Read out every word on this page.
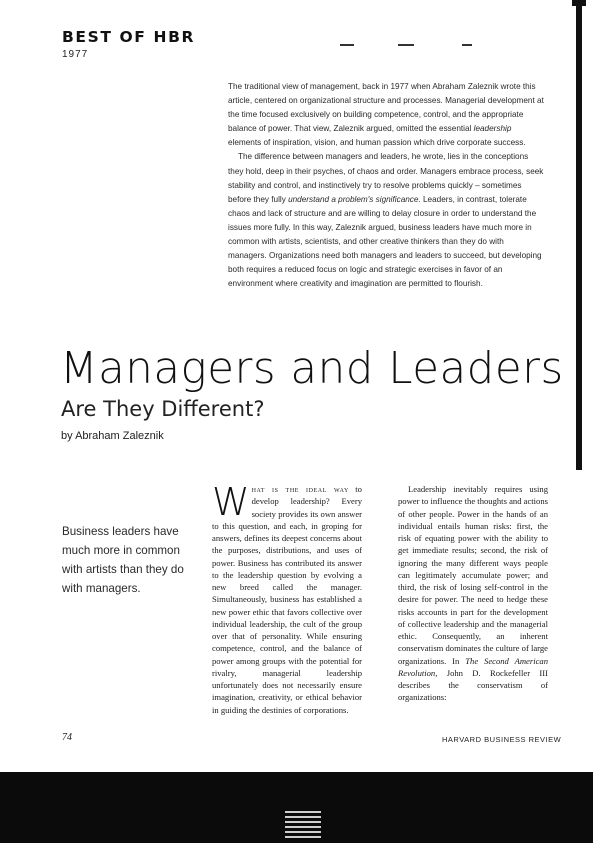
BEST OF HBR
1977

The traditional view of management, back in 1977 when Abraham Zaleznik wrote this article, centered on organizational structure and processes. Managerial development at the time focused exclusively on building competence, control, and the appropriate balance of power. That view, Zaleznik argued, omitted the essential leadership elements of inspiration, vision, and human passion which drive corporate success.

The difference between managers and leaders, he wrote, lies in the conceptions they hold, deep in their psyches, of chaos and order. Managers embrace process, seek stability and control, and instinctively try to resolve problems quickly – sometimes before they fully understand a problem's significance. Leaders, in contrast, tolerate chaos and lack of structure and are willing to delay closure in order to understand the issues more fully. In this way, Zaleznik argued, business leaders have much more in common with artists, scientists, and other creative thinkers than they do with managers. Organizations need both managers and leaders to succeed, but developing both requires a reduced focus on logic and strategic exercises in favor of an environment where creativity and imagination are permitted to flourish.

Managers and Leaders
Are They Different?
by Abraham Zaleznik
Business leaders have much more in common with artists than they do with managers.

What is the ideal way to develop leadership? Every society provides its own answer to this question, and each, in groping for answers, defines its deepest concerns about the purposes, distributions, and uses of power. Business has contributed its answer to the leadership question by evolving a new breed called the manager. Simultaneously, business has established a new power ethic that favors collective over individual leadership, the cult of the group over that of personality. While ensuring competence, control, and the balance of power among groups with the potential for rivalry, managerial leadership unfortunately does not necessarily ensure imagination, creativity, or ethical behavior in guiding the destinies of corporations.

Leadership inevitably requires using power to influence the thoughts and actions of other people. Power in the hands of an individual entails human risks: first, the risk of equating power with the ability to get immediate results; second, the risk of ignoring the many different ways people can legitimately accumulate power; and third, the risk of losing self-control in the desire for power. The need to hedge these risks accounts in part for the development of collective leadership and the managerial ethic. Consequently, an inherent conservatism dominates the culture of large organizations. In The Second American Revolution, John D. Rockefeller III describes the conservatism of organizations:

74	HARVARD BUSINESS REVIEW
